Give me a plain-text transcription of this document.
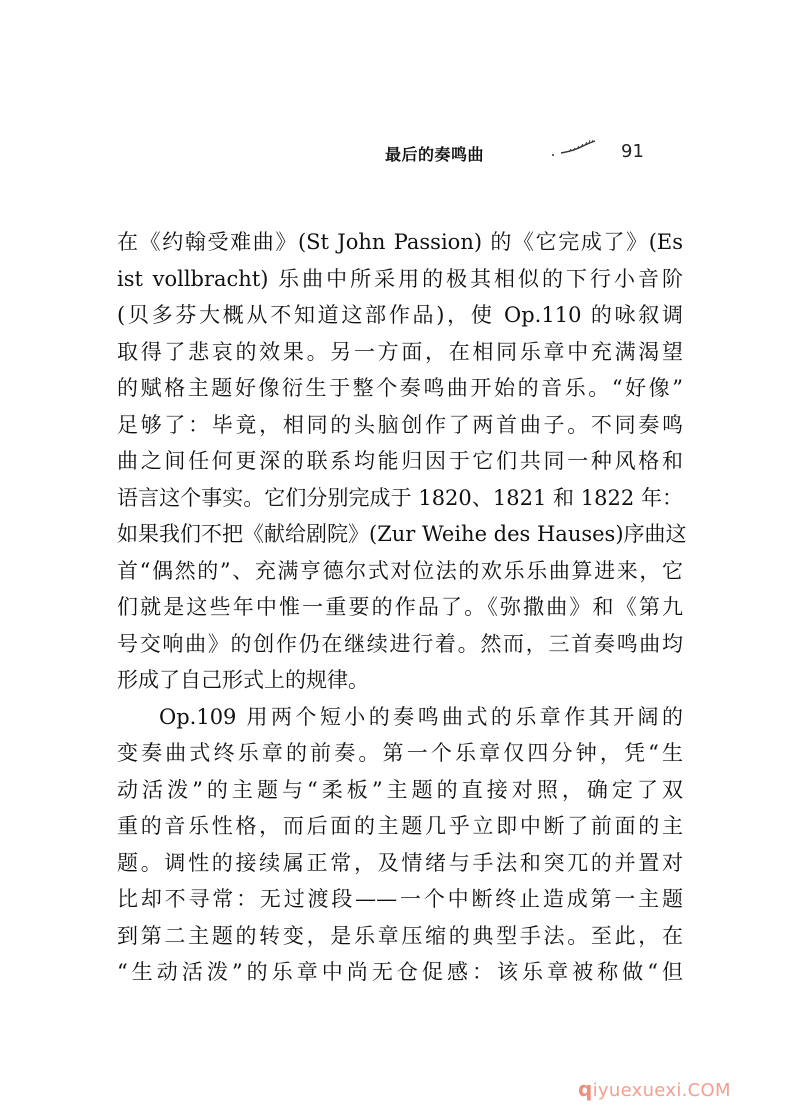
最后的奏鸣曲	91
在《约翰受难曲》(St John Passion) 的《它完成了》(Es
ist vollbracht) 乐曲中所采用的极其相似的下行小音阶
(贝多芬大概从不知道这部作品)，使 Op.110 的咏叙调
取得了悲哀的效果。另一方面，在相同乐章中充满渴望
的赋格主题好像衍生于整个奏鸣曲开始的音乐。“好像”
足够了：毕竟，相同的头脑创作了两首曲子。不同奏鸣
曲之间任何更深的联系均能归因于它们共同一种风格和
语言这个事实。它们分别完成于 1820、1821 和 1822 年：
如果我们不把《献给剧院》(Zur Weihe des Hauses)序曲这
首“偶然的”、充满亨德尔式对位法的欢乐乐曲算进来，它
们就是这些年中惟一重要的作品了。《弥撒曲》和《第九
号交响曲》的创作仍在继续进行着。然而，三首奏鸣曲均
形成了自己形式上的规律。
Op.109 用两个短小的奏鸣曲式的乐章作其开阔的
变奏曲式终乐章的前奏。第一个乐章仅四分钟，凭“生
动活泼”的主题与“柔板”主题的直接对照，确定了双
重的音乐性格，而后面的主题几乎立即中断了前面的主
题。调性的接续属正常，及情绪与手法和突兀的并置对
比却不寻常：无过渡段——一个中断终止造成第一主题
到第二主题的转变，是乐章压缩的典型手法。至此，在
“生动活泼”的乐章中尚无仓促感：该乐章被称做“但
qiyuexuexi.COM
